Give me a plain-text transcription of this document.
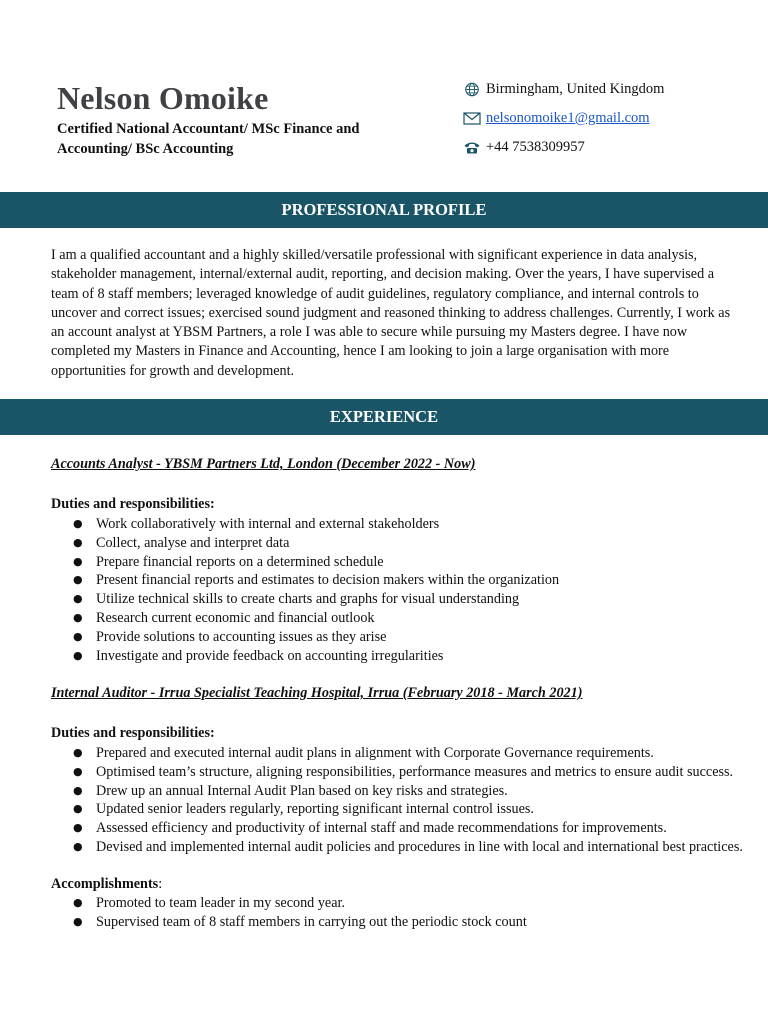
Nelson Omoike

Certified National Accountant/ MSc Finance and Accounting/ BSc Accounting

Birmingham, United Kingdom
nelsonomoike1@gmail.com
+44 7538309957
PROFESSIONAL PROFILE

I am a qualified accountant and a highly skilled/versatile professional with significant experience in data analysis, stakeholder management, internal/external audit, reporting, and decision making. Over the years, I have supervised a team of 8 staff members; leveraged knowledge of audit guidelines, regulatory compliance, and internal controls to uncover and correct issues; exercised sound judgment and reasoned thinking to address challenges. Currently, I work as an account analyst at YBSM Partners, a role I was able to secure while pursuing my Masters degree. I have now completed my Masters in Finance and Accounting, hence I am looking to join a large organisation with more opportunities for growth and development.

EXPERIENCE

Accounts Analyst - YBSM Partners Ltd, London (December 2022 - Now)

Duties and responsibilities:

● Work collaboratively with internal and external stakeholders
● Collect, analyse and interpret data
● Prepare financial reports on a determined schedule
● Present financial reports and estimates to decision makers within the organization
● Utilize technical skills to create charts and graphs for visual understanding
● Research current economic and financial outlook
● Provide solutions to accounting issues as they arise
● Investigate and provide feedback on accounting irregularities

Internal Auditor - Irrua Specialist Teaching Hospital, Irrua (February 2018 - March 2021)

Duties and responsibilities:

● Prepared and executed internal audit plans in alignment with Corporate Governance requirements.
● Optimised team’s structure, aligning responsibilities, performance measures and metrics to ensure audit success.
● Drew up an annual Internal Audit Plan based on key risks and strategies.
● Updated senior leaders regularly, reporting significant internal control issues.
● Assessed efficiency and productivity of internal staff and made recommendations for improvements.
● Devised and implemented internal audit policies and procedures in line with local and international best practices.

Accomplishments:

● Promoted to team leader in my second year.
● Supervised team of 8 staff members in carrying out the periodic stock count
